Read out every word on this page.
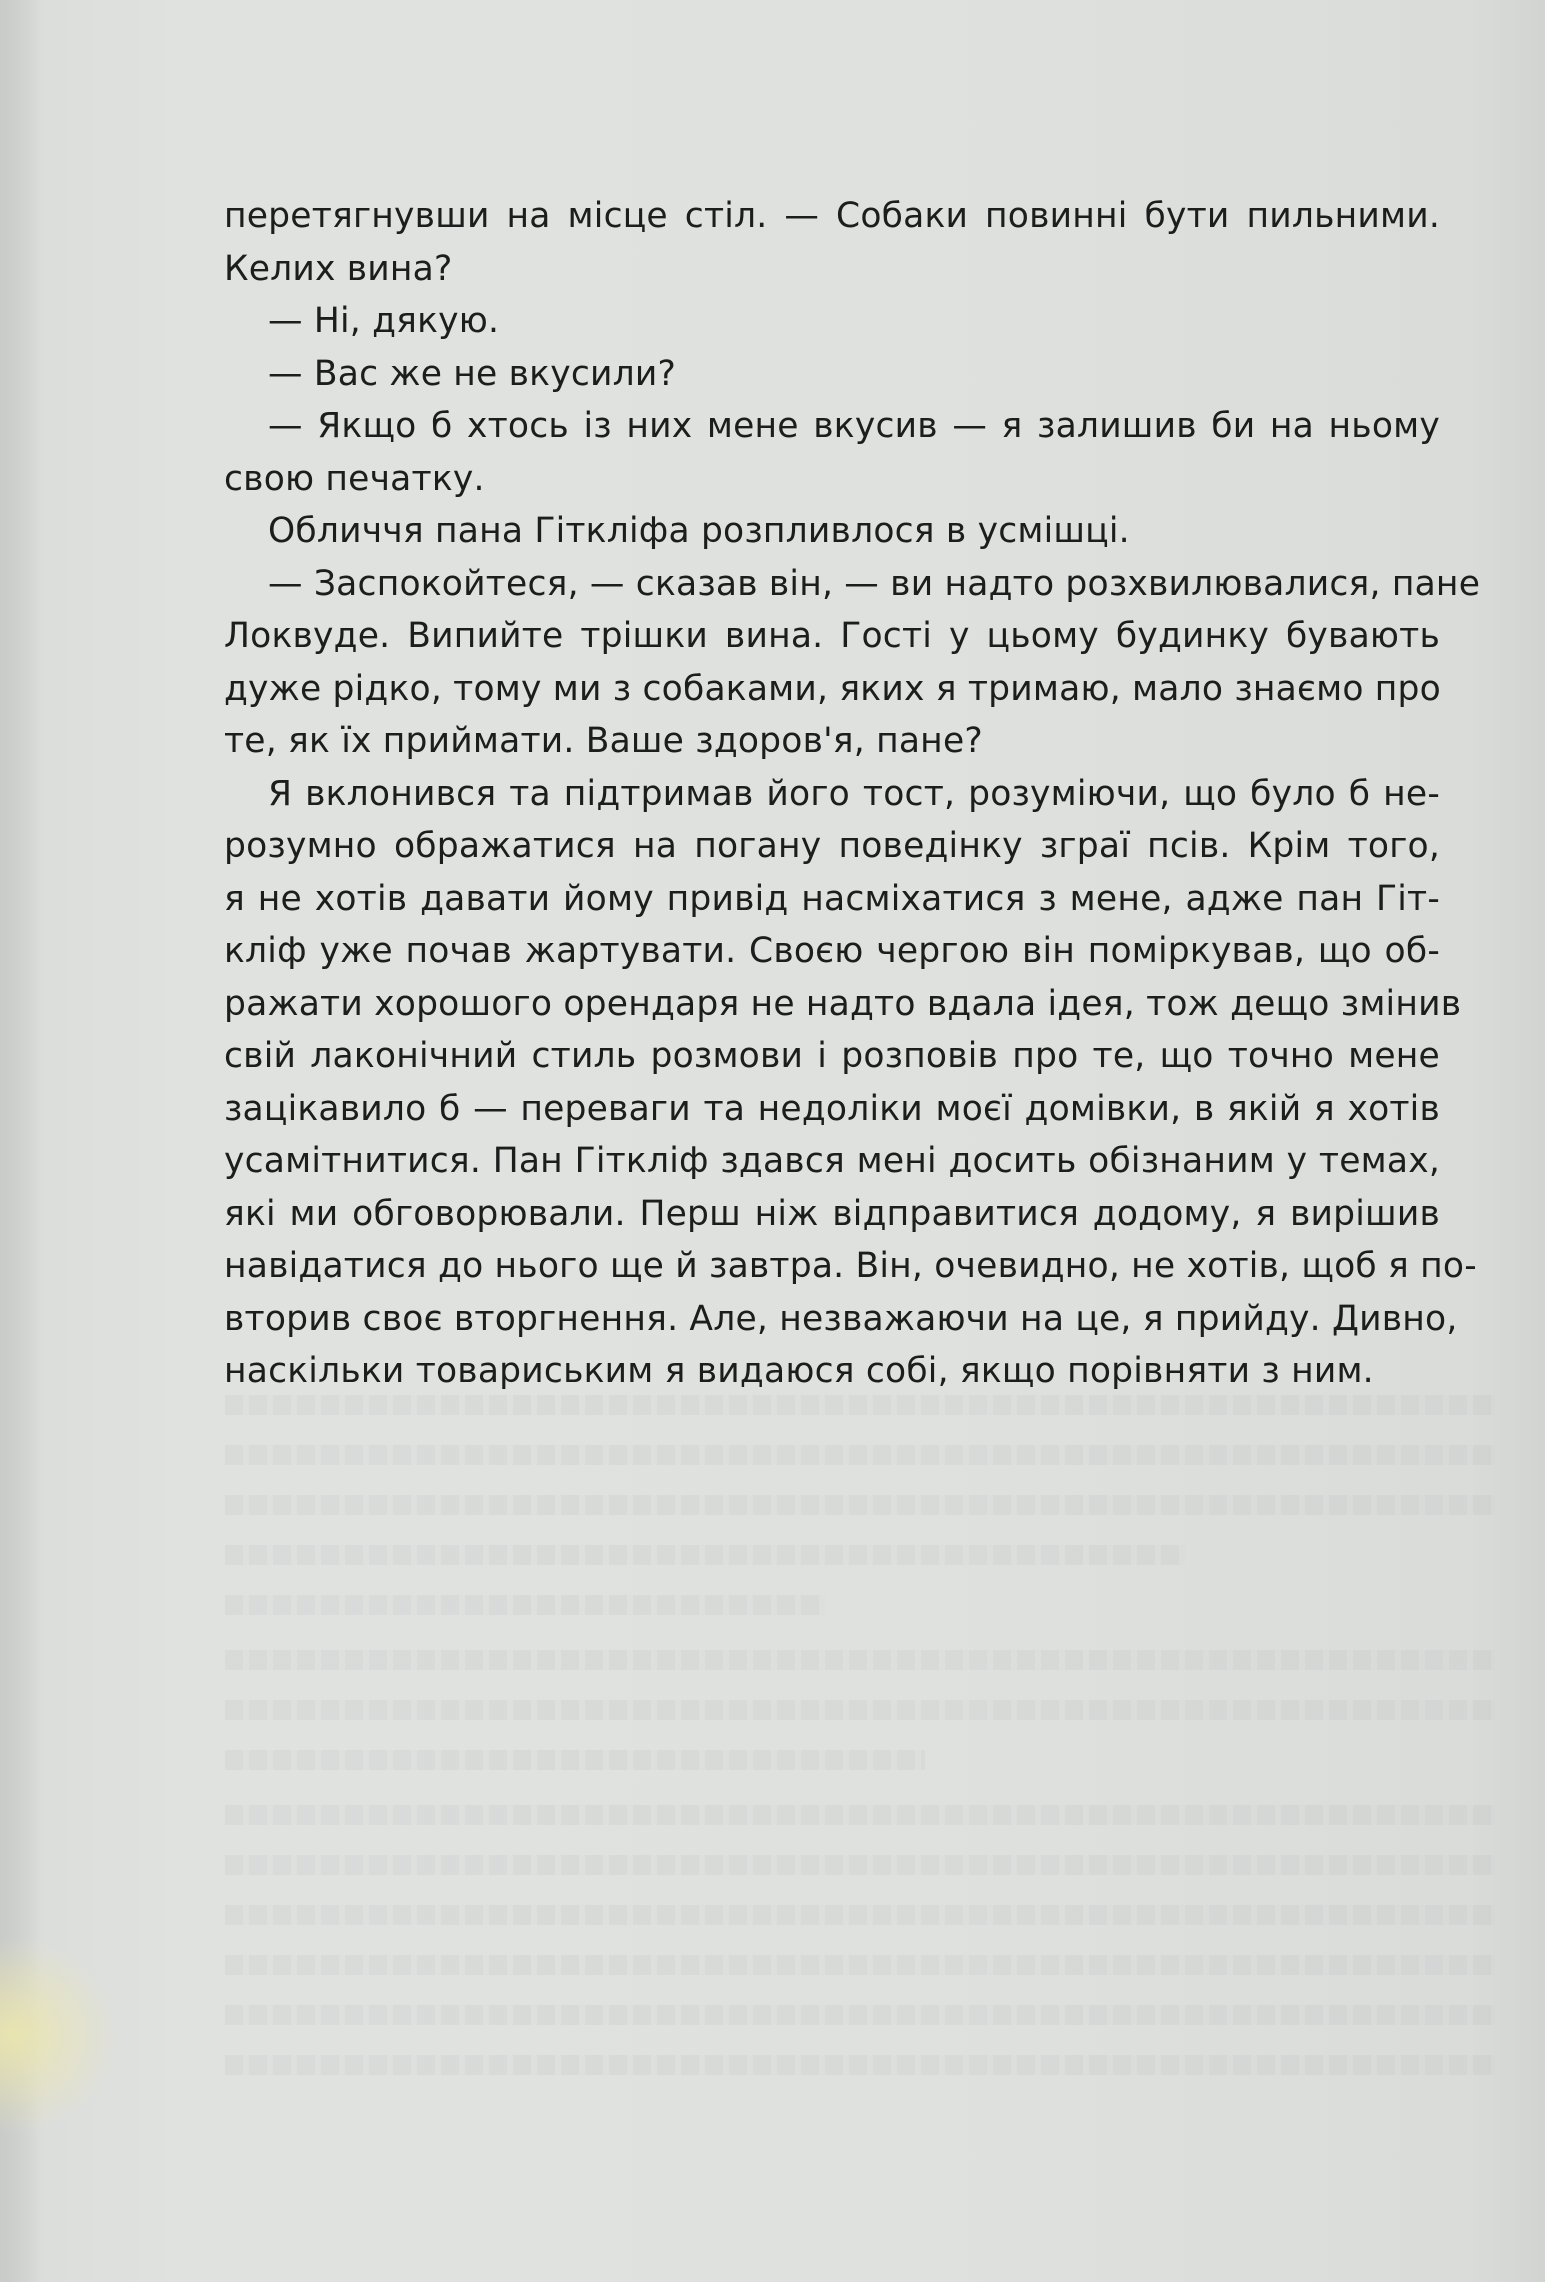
перетягнувши на місце стіл. — Собаки повинні бути пильними.
Келих вина?
— Ні, дякую.
— Вас же не вкусили?
— Якщо б хтось із них мене вкусив — я залишив би на ньому
свою печатку.
Обличчя пана Гіткліфа розпливлося в усмішці.
— Заспокойтеся, — сказав він, — ви надто розхвилювалися, пане
Локвуде. Випийте трішки вина. Гості у цьому будинку бувають
дуже рідко, тому ми з собаками, яких я тримаю, мало знаємо про
те, як їх приймати. Ваше здоров'я, пане?
Я вклонився та підтримав його тост, розуміючи, що було б не-
розумно ображатися на погану поведінку зграї псів. Крім того,
я не хотів давати йому привід насміхатися з мене, адже пан Гіт-
кліф уже почав жартувати. Своєю чергою він поміркував, що об-
ражати хорошого орендаря не надто вдала ідея, тож дещо змінив
свій лаконічний стиль розмови і розповів про те, що точно мене
зацікавило б — переваги та недоліки моєї домівки, в якій я хотів
усамітнитися. Пан Гіткліф здався мені досить обізнаним у темах,
які ми обговорювали. Перш ніж відправитися додому, я вирішив
навідатися до нього ще й завтра. Він, очевидно, не хотів, щоб я по-
вторив своє вторгнення. Але, незважаючи на це, я прийду. Дивно,
наскільки товариським я видаюся собі, якщо порівняти з ним.
